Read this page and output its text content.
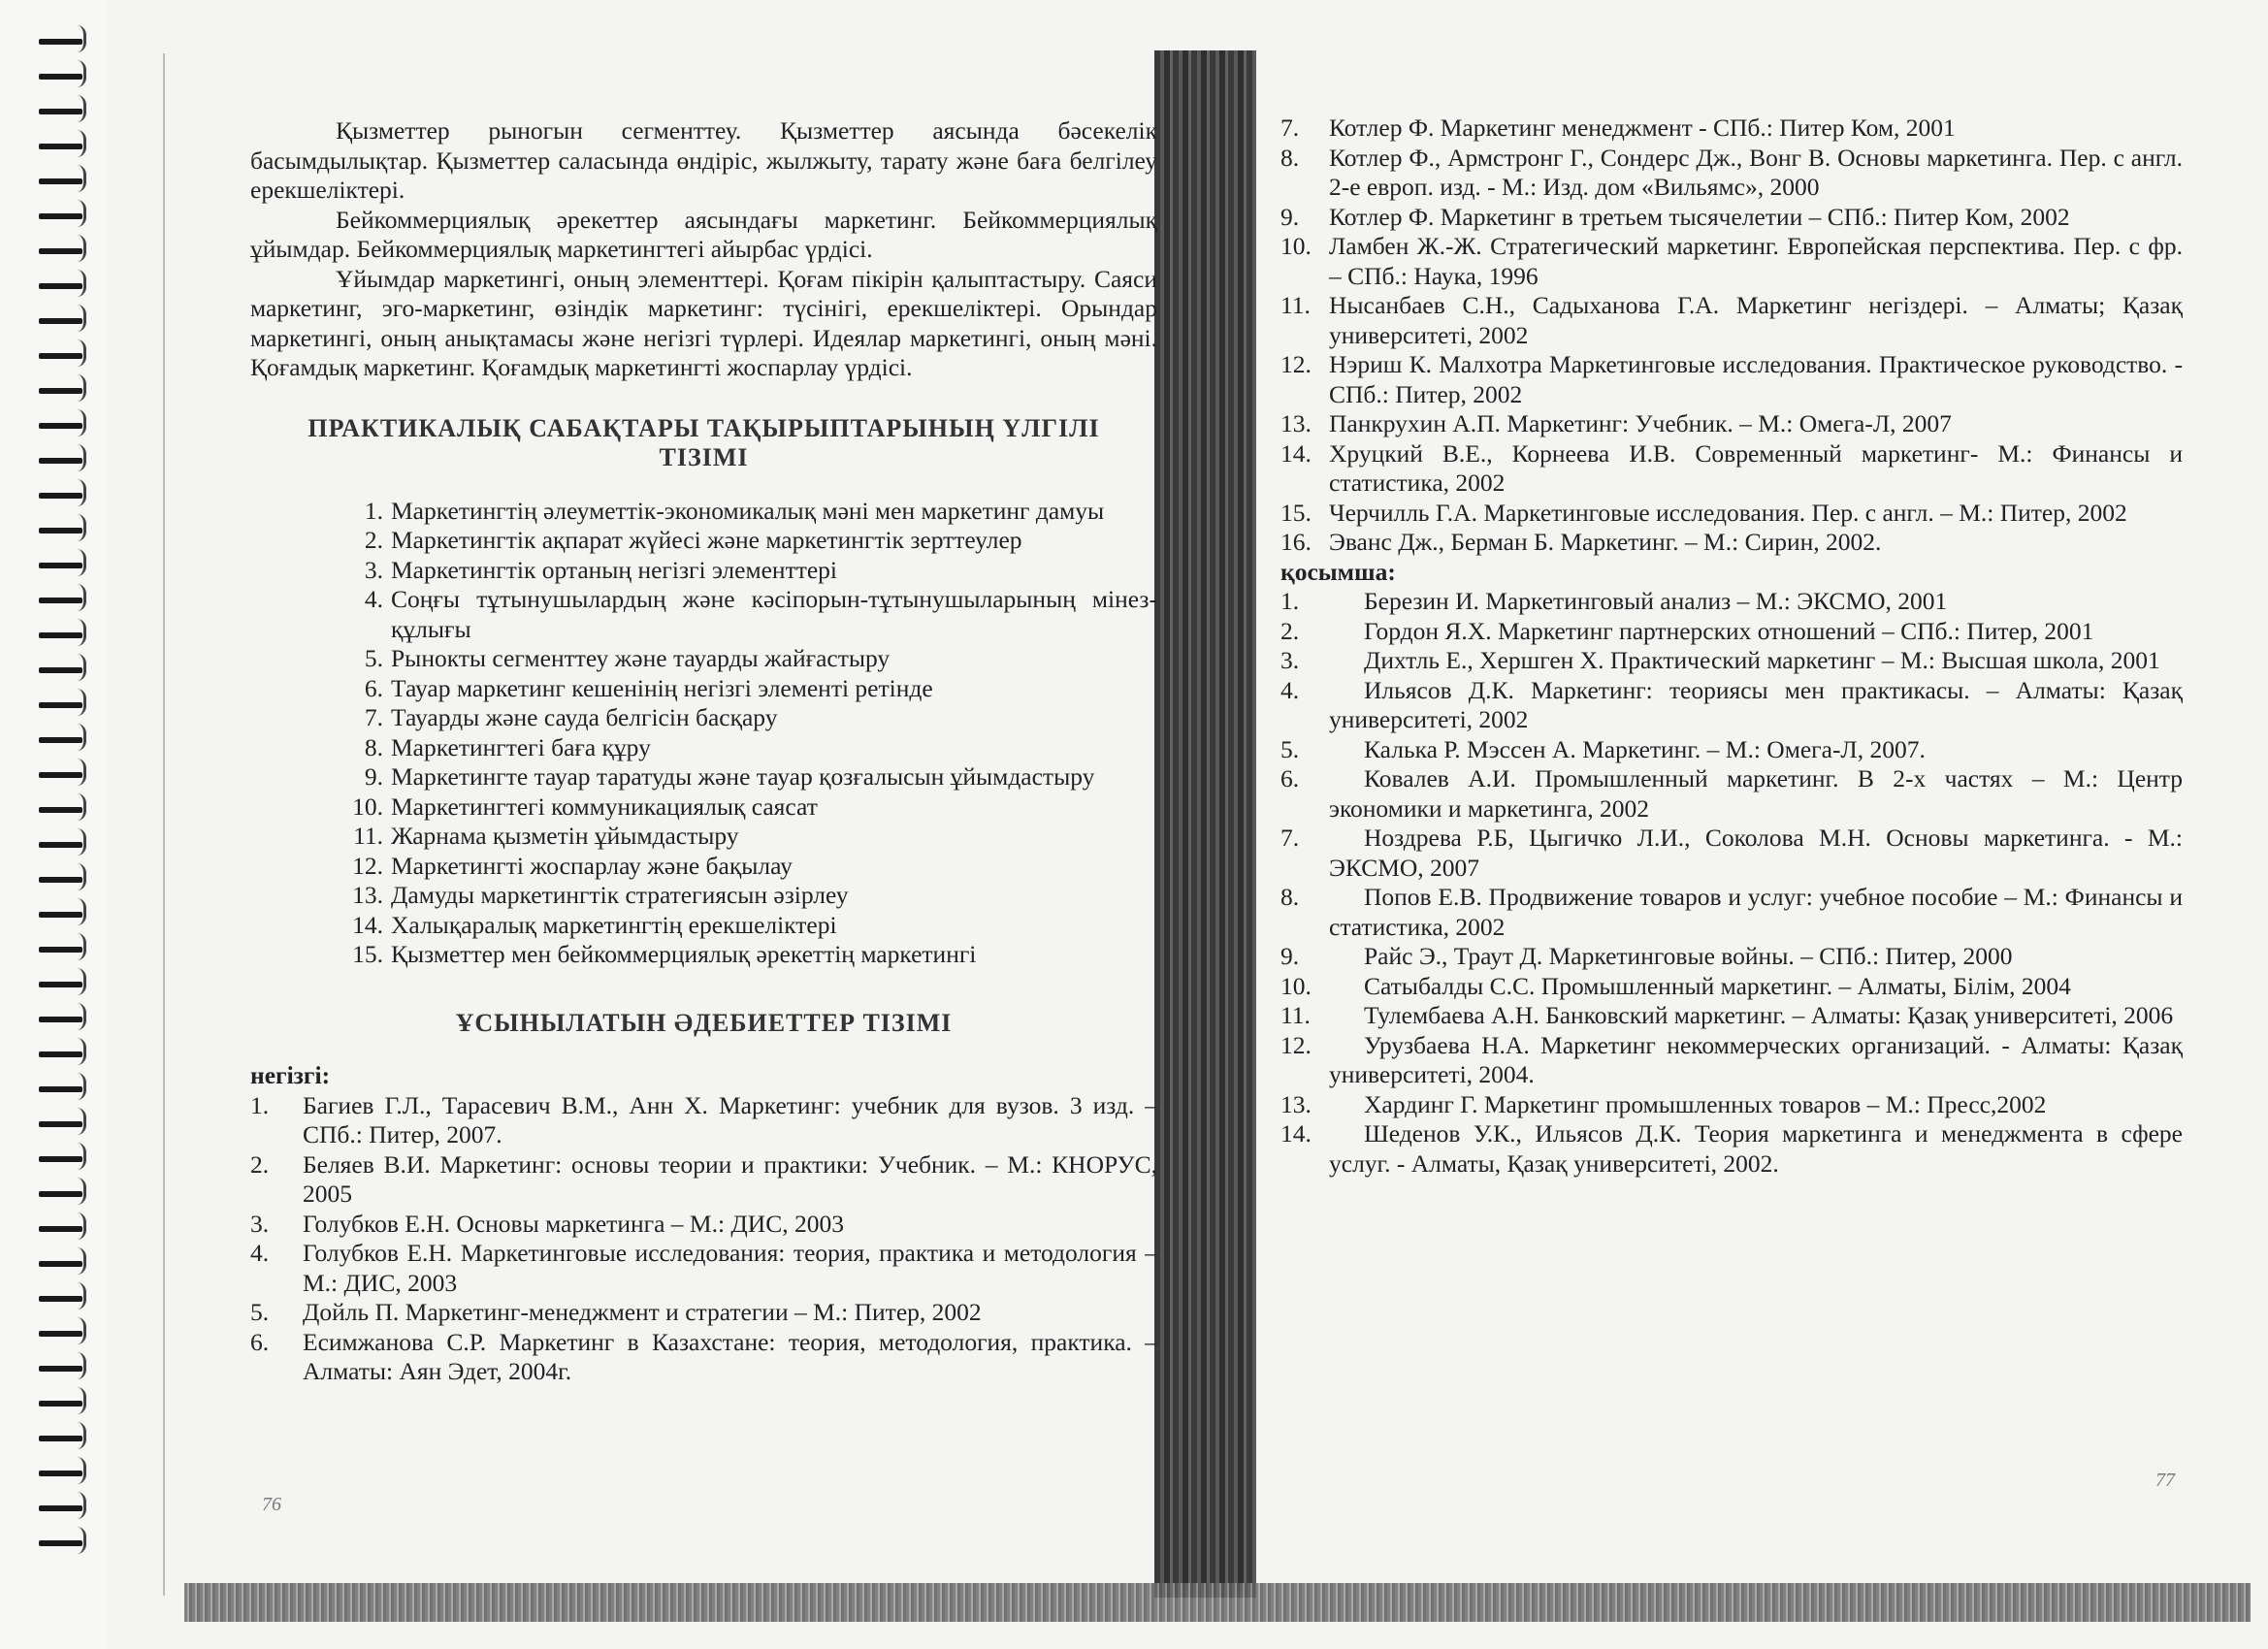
Қызметтер рыногын сегменттеу. Қызметтер аясында бәсекелік басымдылықтар. Қызметтер саласында өндіріс, жылжыту, тарату және баға белгілеу ерекшеліктері.

Бейкоммерциялық әрекеттер аясындағы маркетинг. Бейкоммерциялық ұйымдар. Бейкоммерциялық маркетингтегі айырбас үрдісі.

Ұйымдар маркетингі, оның элементтері. Қоғам пікірін қалыптастыру. Саяси маркетинг, эго-маркетинг, өзіндік маркетинг: түсінігі, ерекшеліктері. Орындар маркетингі, оның анықтамасы және негізгі түрлері. Идеялар маркетингі, оның мәні. Қоғамдық маркетинг. Қоғамдық маркетингті жоспарлау үрдісі.

ПРАКТИКАЛЫҚ САБАҚТАРЫ ТАҚЫРЫПТАРЫНЫҢ ҮЛГІЛІ
ТІЗІМІ
1. Маркетингтің әлеуметтік-экономикалық мәні мен маркетинг дамуы
2. Маркетингтік ақпарат жүйесі және маркетингтік зерттеулер
3. Маркетингтік ортаның негізгі элементтері
4. Соңғы тұтынушылардың және кәсіпорын-тұтынушыларының мінез-құлығы
5. Рынокты сегменттеу және тауарды жайғастыру
6. Тауар маркетинг кешенінің негізгі элементі ретінде
7. Тауарды және сауда белгісін басқару
8. Маркетингтегі баға құру
9. Маркетингте тауар таратуды және тауар қозғалысын ұйымдастыру
10. Маркетингтегі коммуникациялық саясат
11. Жарнама қызметін ұйымдастыру
12. Маркетингті жоспарлау және бақылау
13. Дамуды маркетингтік стратегиясын әзірлеу
14. Халықаралық маркетингтің ерекшеліктері
15. Қызметтер мен бейкоммерциялық әрекеттің маркетингі
ҰСЫНЫЛАТЫН ӘДЕБИЕТТЕР ТІЗІМІ
негізгі:
1.	Багиев Г.Л., Тарасевич В.М., Анн Х. Маркетинг: учебник для вузов. 3 изд. – СПб.: Питер, 2007.
2.	Беляев В.И. Маркетинг: основы теории и практики: Учебник. – М.: КНОРУС, 2005
3.	Голубков Е.Н. Основы маркетинга – М.: ДИС, 2003
4.	Голубков Е.Н. Маркетинговые исследования: теория, практика и методология – М.: ДИС, 2003
5.	Дойль П. Маркетинг-менеджмент и стратегии – М.: Питер, 2002
6.	Есимжанова С.Р. Маркетинг в Казахстане: теория, методология, практика. – Алматы: Аян Эдет, 2004г.
76
7.	Котлер Ф. Маркетинг менеджмент - СПб.: Питер Ком, 2001
8.	Котлер Ф., Армстронг Г., Сондерс Дж., Вонг В. Основы маркетинга. Пер. с англ. 2-е европ. изд. - М.: Изд. дом «Вильямс», 2000
9.	Котлер Ф. Маркетинг в третьем тысячелетии – СПб.: Питер Ком, 2002
10. Ламбен Ж.-Ж. Стратегический маркетинг. Европейская перспектива. Пер. с фр. – СПб.: Наука, 1996
11. Нысанбаев С.Н., Садыханова Г.А. Маркетинг негіздері. – Алматы; Қазақ университеті, 2002
12. Нэриш К. Малхотра Маркетинговые исследования. Практическое руководство. - СПб.: Питер, 2002
13. Панкрухин А.П. Маркетинг: Учебник. – М.: Омега-Л, 2007
14. Хруцкий В.Е., Корнеева И.В. Современный маркетинг- М.: Финансы и статистика, 2002
15. Черчилль Г.А. Маркетинговые исследования. Пер. с англ. – М.: Питер, 2002
16. Эванс Дж., Берман Б. Маркетинг. – М.: Сирин, 2002.
қосымша:
1.	Березин И. Маркетинговый анализ – М.: ЭКСМО, 2001
2.	Гордон Я.Х. Маркетинг партнерских отношений – СПб.: Питер, 2001
3.	Дихтль Е., Хершген Х. Практический маркетинг – М.: Высшая школа, 2001
4.	Ильясов Д.К. Маркетинг: теориясы мен практикасы. – Алматы: Қазақ университеті, 2002
5.	Калька Р. Мэссен А. Маркетинг. – М.: Омега-Л, 2007.
6.	Ковалев А.И. Промышленный маркетинг. В 2-х частях – М.: Центр экономики и маркетинга, 2002
7.	Ноздрева Р.Б, Цыгичко Л.И., Соколова М.Н. Основы маркетинга. - М.: ЭКСМО, 2007
8.	Попов Е.В. Продвижение товаров и услуг: учебное пособие – М.: Финансы и статистика, 2002
9.	Райс Э., Траут Д. Маркетинговые войны. – СПб.: Питер, 2000
10.	Сатыбалды С.С. Промышленный маркетинг. – Алматы, Білім, 2004
11.	Тулембаева А.Н. Банковский маркетинг. – Алматы: Қазақ университеті, 2006
12.	Урузбаева Н.А. Маркетинг некоммерческих организаций. - Алматы: Қазақ университеті, 2004.
13.	Хардинг Г. Маркетинг промышленных товаров – М.: Пресс,2002
14.	Шеденов У.К., Ильясов Д.К. Теория маркетинга и менеджмента в сфере услуг. - Алматы, Қазақ университеті, 2002.
77
